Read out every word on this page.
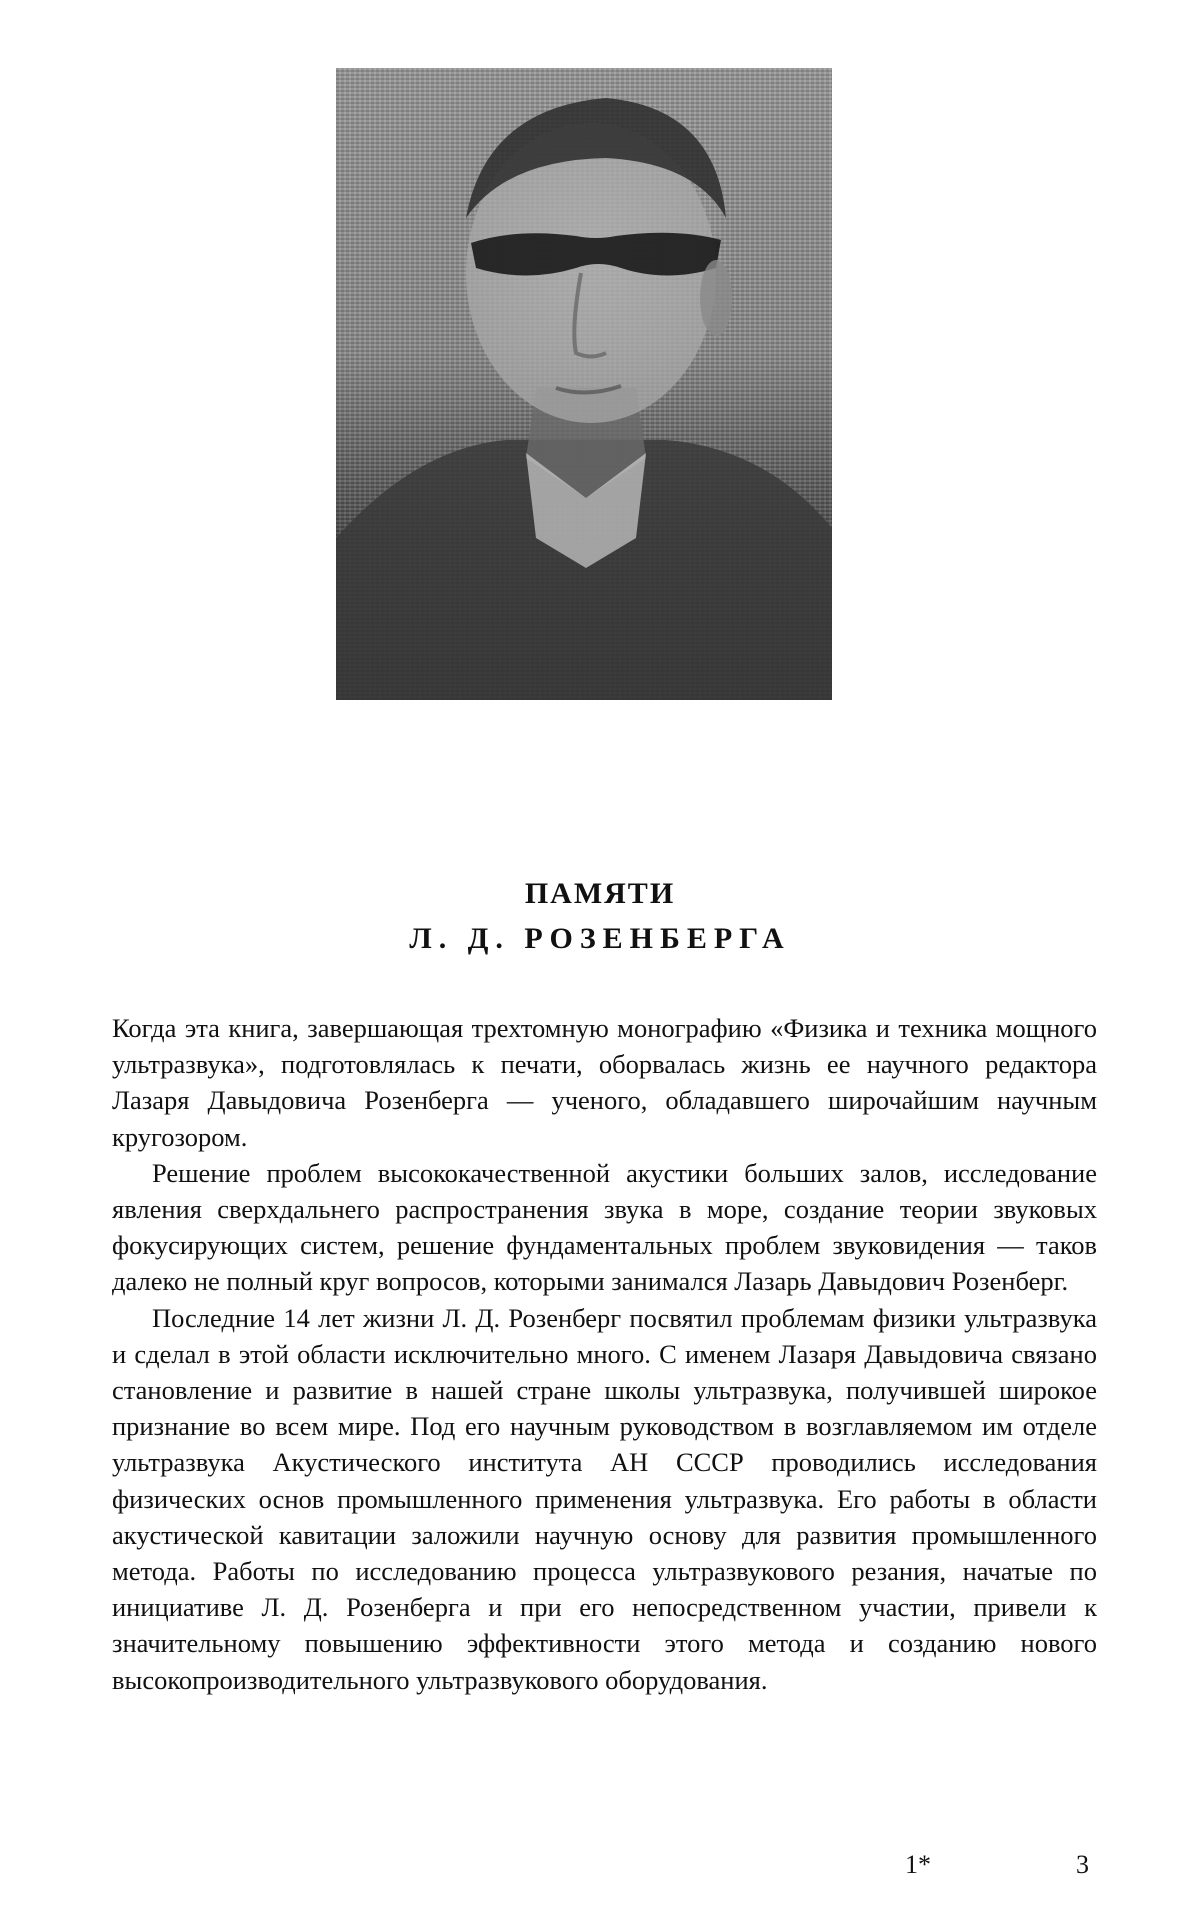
ПАМЯТИ
Л. Д. РОЗЕНБЕРГА

Когда эта книга, завершающая трехтомную монографию «Физика и техника мощного ультразвука», подготовлялась к печати, оборвалась жизнь ее научного редактора Лазаря Давыдовича Розенберга — ученого, обладавшего широчайшим научным кругозором.

Решение проблем высококачественной акустики больших залов, исследование явления сверхдальнего распространения звука в море, создание теории звуковых фокусирующих систем, решение фундаментальных проблем звуковидения — таков далеко не полный круг вопросов, которыми занимался Лазарь Давыдович Розенберг.

Последние 14 лет жизни Л. Д. Розенберг посвятил проблемам физики ультразвука и сделал в этой области исключительно много. С именем Лазаря Давыдовича связано становление и развитие в нашей стране школы ультразвука, получившей широкое признание во всем мире. Под его научным руководством в возглавляемом им отделе ультразвука Акустического института АН СССР проводились исследования физических основ промышленного применения ультразвука. Его работы в области акустической кавитации заложили научную основу для развития промышленного метода. Работы по исследованию процесса ультразвукового резания, начатые по инициативе Л. Д. Розенберга и при его непосредственном участии, привели к значительному повышению эффективности этого метода и созданию нового высокопроизводительного ультразвукового оборудования.

1*	3
